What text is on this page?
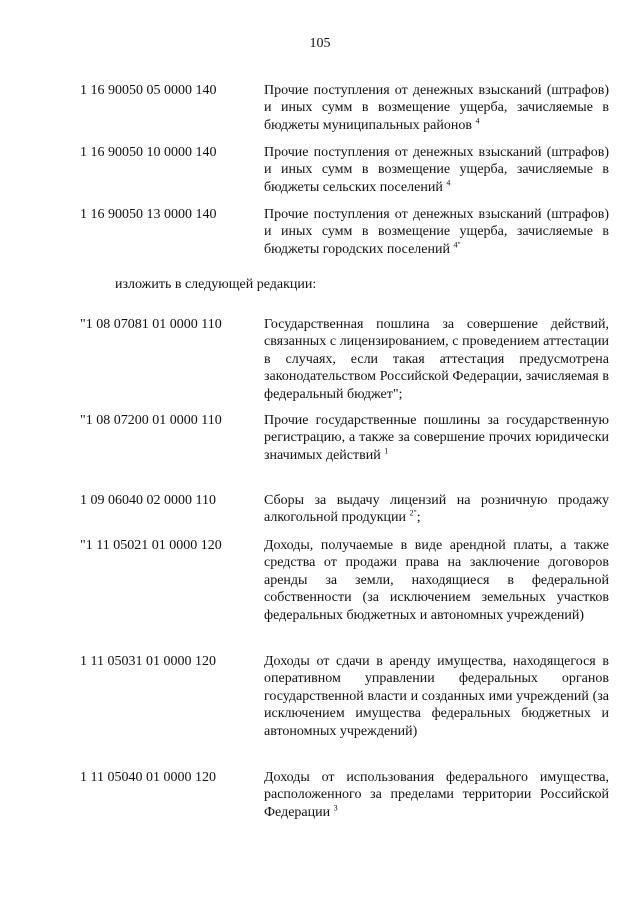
105
1 16 90050 05 0000 140	Прочие поступления от денежных взысканий (штрафов) и иных сумм в возмещение ущерба, зачисляемые в бюджеты муниципальных районов $^4$
1 16 90050 10 0000 140	Прочие поступления от денежных взысканий (штрафов) и иных сумм в возмещение ущерба, зачисляемые в бюджеты сельских поселений $^4$
1 16 90050 13 0000 140	Прочие поступления от денежных взысканий (штрафов) и иных сумм в возмещение ущерба, зачисляемые в бюджеты городских поселений $^{4"}$
изложить в следующей редакции:
"1 08 07081 01 0000 110	Государственная пошлина за совершение действий, связанных с лицензированием, с проведением аттестации в случаях, если такая аттестация предусмотрена законодательством Российской Федерации, зачисляемая в федеральный бюджет";
"1 08 07200 01 0000 110	Прочие государственные пошлины за государственную регистрацию, а также за совершение прочих юридически значимых действий $^1$
1 09 06040 02 0000 110	Сборы за выдачу лицензий на розничную продажу алкогольной продукции $^{2"}$;
"1 11 05021 01 0000 120	Доходы, получаемые в виде арендной платы, а также средства от продажи права на заключение договоров аренды за земли, находящиеся в федеральной собственности (за исключением земельных участков федеральных бюджетных и автономных учреждений)
1 11 05031 01 0000 120	Доходы от сдачи в аренду имущества, находящегося в оперативном управлении федеральных органов государственной власти и созданных ими учреждений (за исключением имущества федеральных бюджетных и автономных учреждений)
1 11 05040 01 0000 120	Доходы от использования федерального имущества, расположенного за пределами территории Российской Федерации $^3$
